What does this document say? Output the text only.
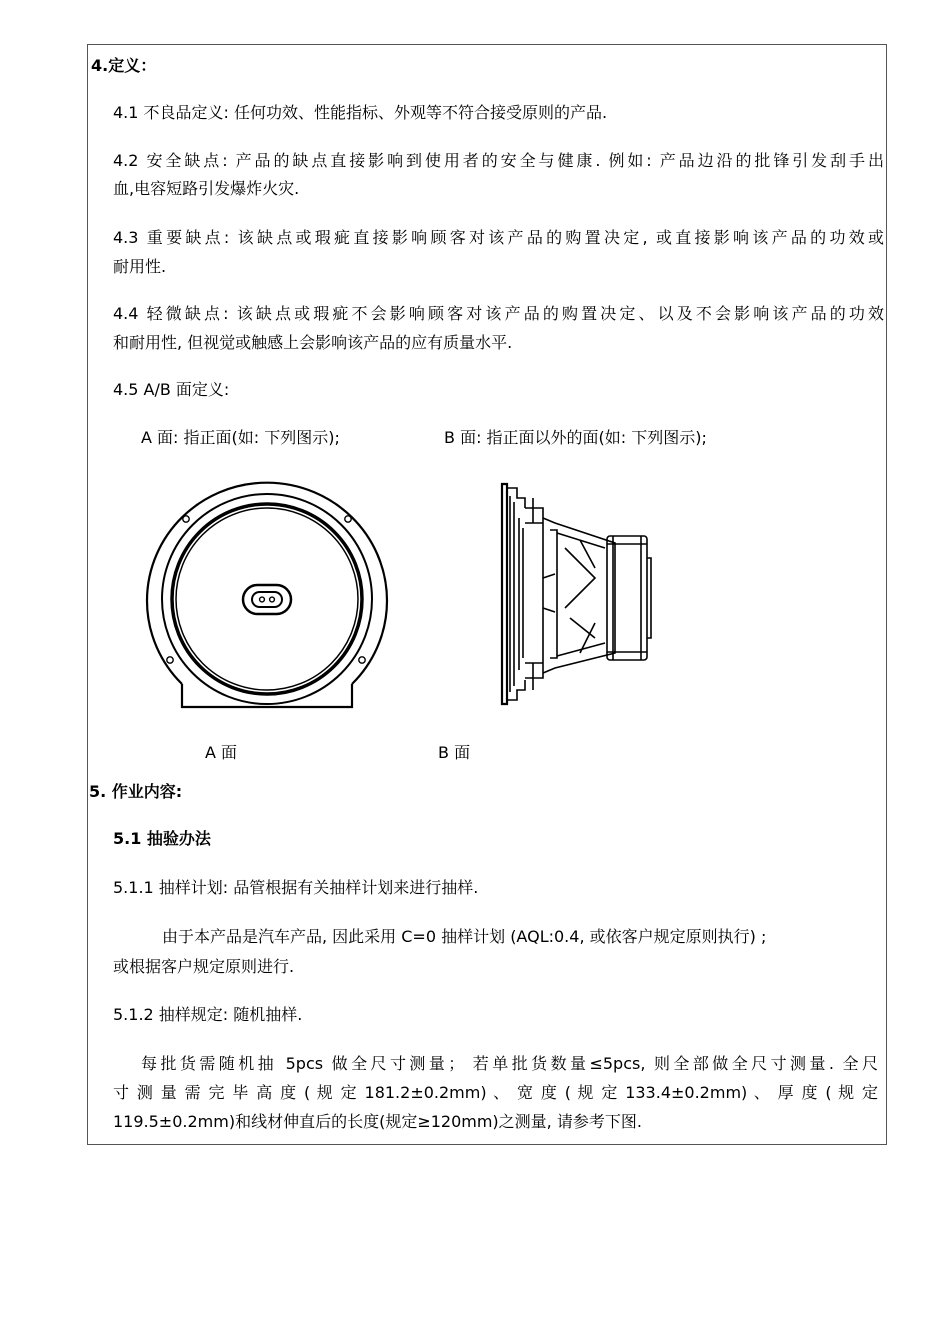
4.定义：
4.1 不良品定义: 任何功效、性能指标、外观等不符合接受原则的产品.
4.2 安全缺点: 产品的缺点直接影响到使用者的安全与健康. 例如: 产品边沿的批锋引发刮手出
血,电容短路引发爆炸火灾.
4.3 重要缺点: 该缺点或瑕疵直接影响顾客对该产品的购置决定, 或直接影响该产品的功效或
耐用性.
4.4 轻微缺点: 该缺点或瑕疵不会影响顾客对该产品的购置决定、以及不会影响该产品的功效
和耐用性, 但视觉或触感上会影响该产品的应有质量水平.
4.5 A/B 面定义:
A 面: 指正面(如: 下列图示);	B 面: 指正面以外的面(如: 下列图示);
A 面	B 面
5. 作业内容:
5.1 抽验办法
5.1.1 抽样计划: 品管根据有关抽样计划来进行抽样.
由于本产品是汽车产品, 因此采用 C=0 抽样计划 (AQL:0.4, 或依客户规定原则执行) ;
或根据客户规定原则进行.
5.1.2 抽样规定: 随机抽样.
每批货需随机抽 5pcs 做全尺寸测量； 若单批货数量≤5pcs, 则全部做全尺寸测量. 全尺
寸 测 量 需 完 毕 高 度 ( 规 定 181.2±0.2mm) 、 宽 度 ( 规 定 133.4±0.2mm) 、 厚 度 ( 规 定
119.5±0.2mm)和线材伸直后的长度(规定≥120mm)之测量, 请参考下图.
